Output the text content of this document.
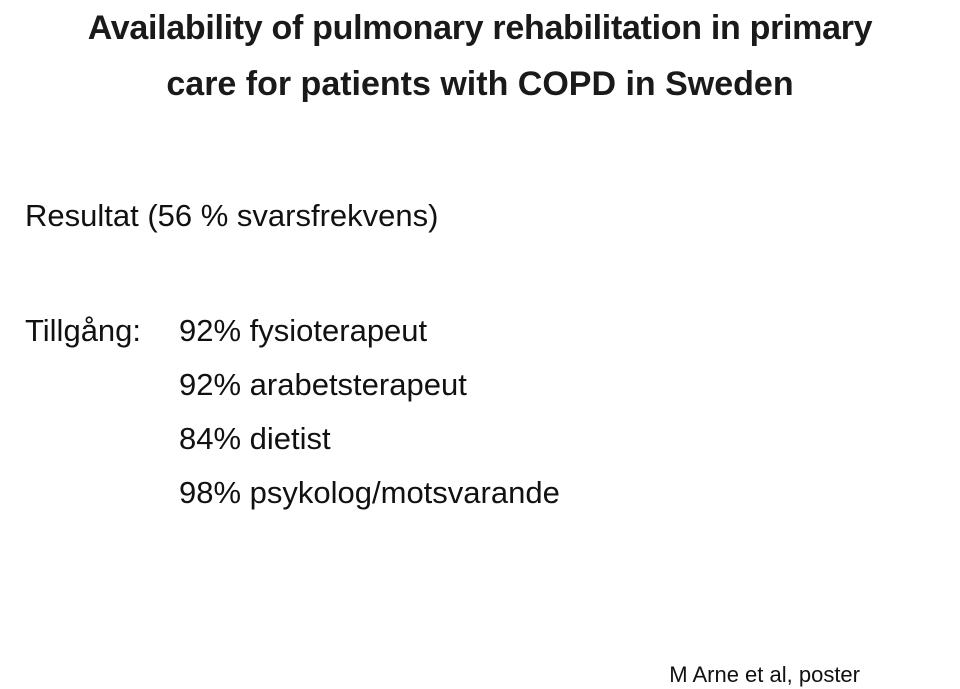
Availability of pulmonary rehabilitation in primary
care for patients with COPD in Sweden

Resultat (56 % svarsfrekvens)

Tillgång: 92% fysioterapeut
92% arabetsterapeut
84% dietist
98% psykolog/motsvarande
M Arne et al, poster
